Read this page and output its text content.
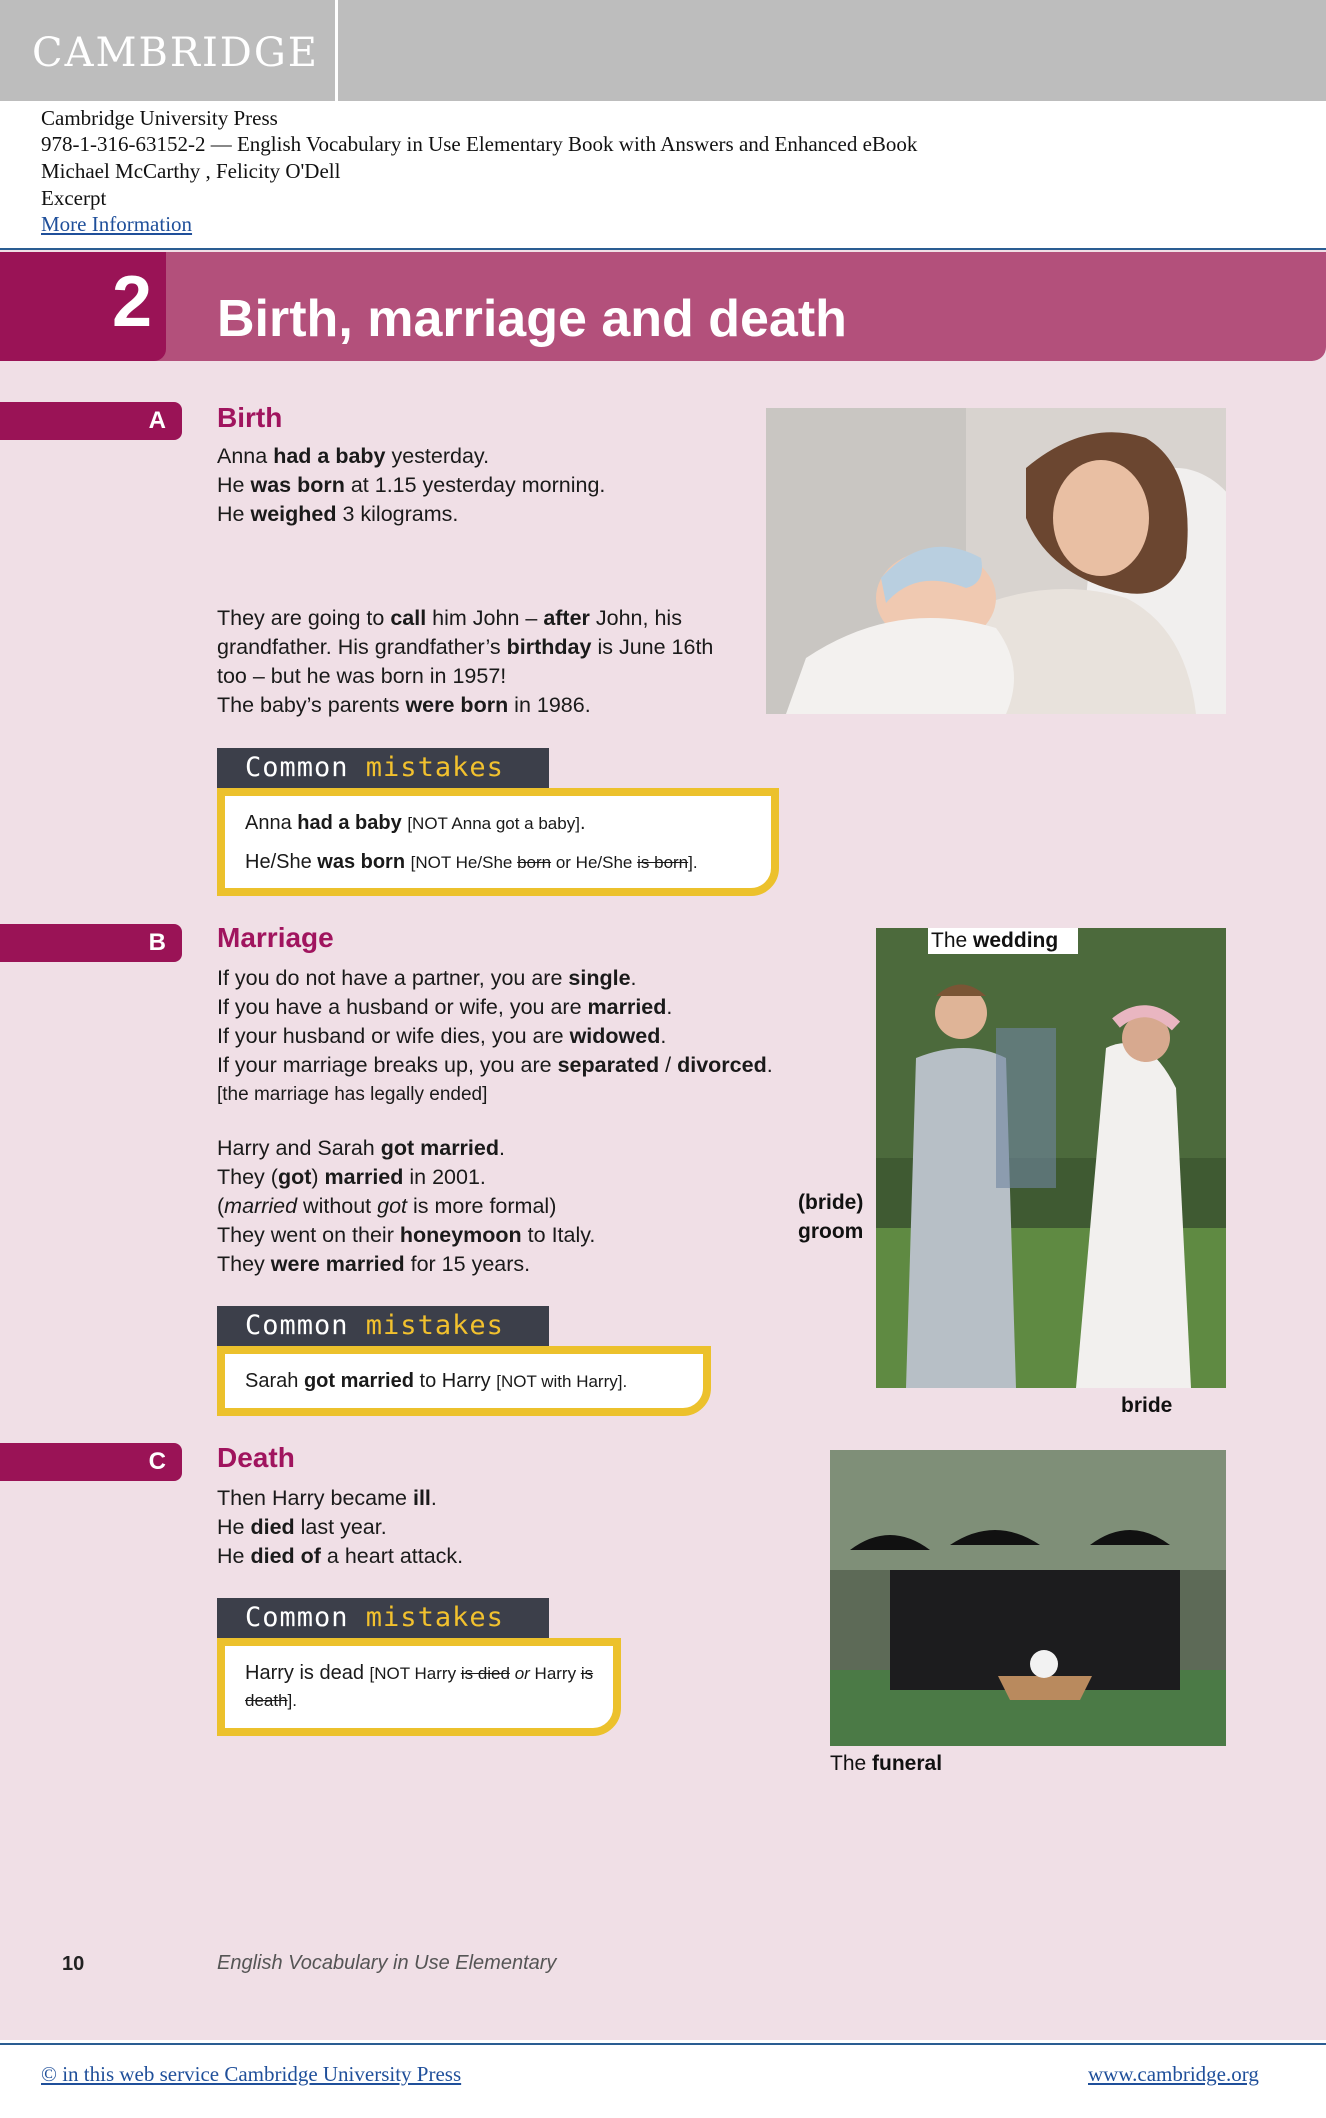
CAMBRIDGE
Cambridge University Press
978-1-316-63152-2 — English Vocabulary in Use Elementary Book with Answers and Enhanced eBook
Michael McCarthy , Felicity O'Dell
Excerpt
More Information
2 Birth, marriage and death
A	Birth

Anna had a baby yesterday.

He was born at 1.15 yesterday morning.

He weighed 3 kilograms.

They are going to call him John – after John, his grandfather. His grandfather’s birthday is June 16th too – but he was born in 1957!

The baby’s parents were born in 1986.

Common mistakes

Anna had a baby [NOT Anna got a baby].

He/She was born [NOT He/She born or He/She is born].

B	Marriage

If you do not have a partner, you are single.

If you have a husband or wife, you are married.

If your husband or wife dies, you are widowed.

If your marriage breaks up, you are separated / divorced.

[the marriage has legally ended]

Harry and Sarah got married.

They (got) married in 2001.

(married without got is more formal)

They went on their honeymoon to Italy.

They were married for 15 years.

Common mistakes

Sarah got married to Harry [NOT with Harry].

The wedding
(bride)
groom
bride
C	Death

Then Harry became ill.

He died last year.

He died of a heart attack.

Common mistakes

Harry is dead [NOT Harry is died or Harry is death].

The funeral
10	English Vocabulary in Use Elementary
© in this web service Cambridge University Press	www.cambridge.org
